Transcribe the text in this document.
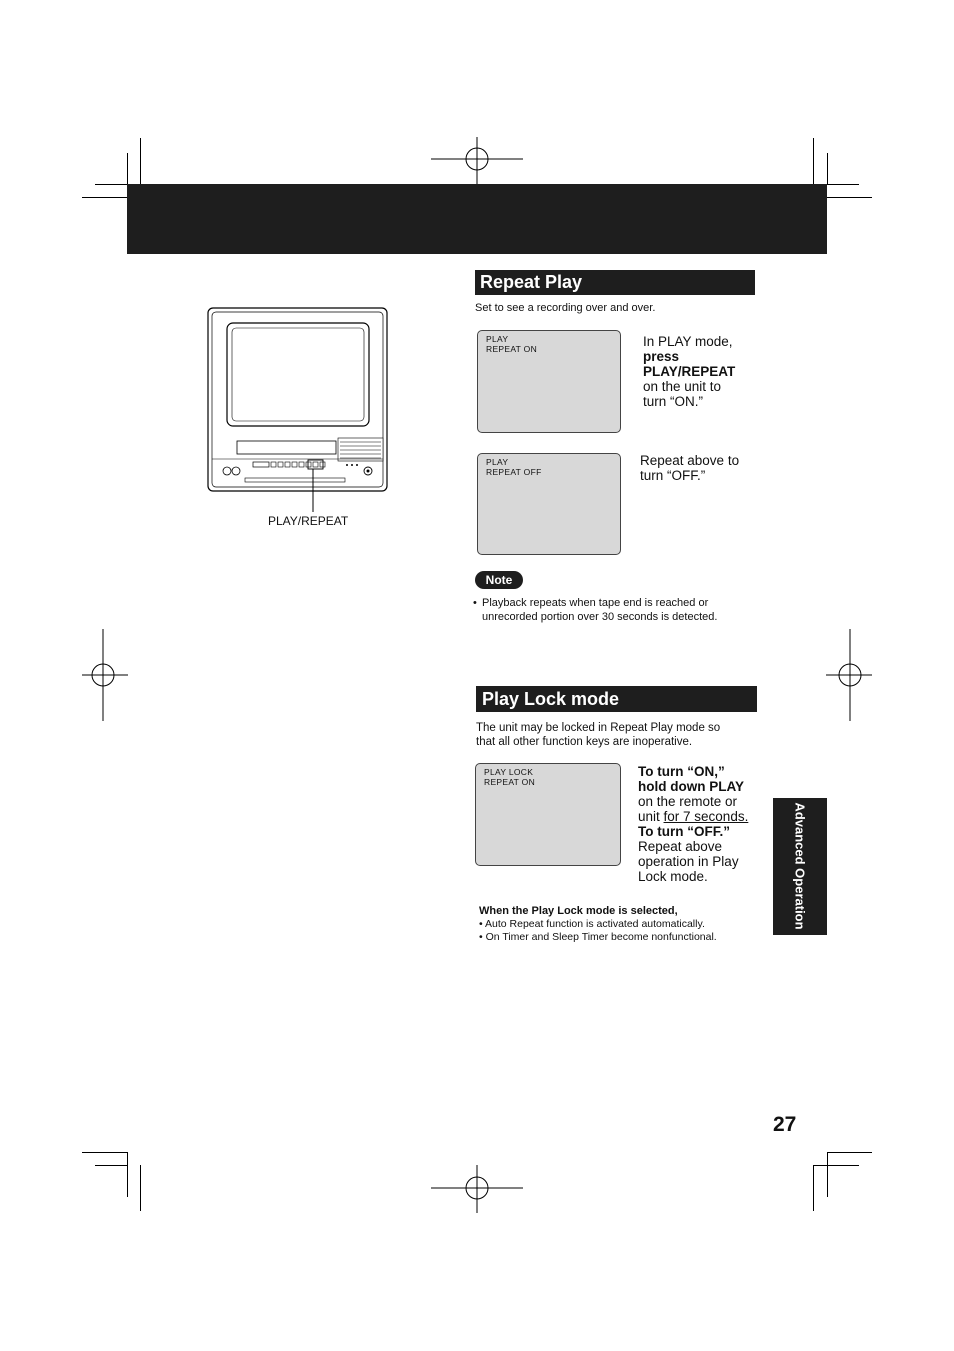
PLAY/REPEAT
Repeat Play
Set to see a recording over and over.
PLAY
REPEAT ON	In PLAY mode,
press
PLAY/REPEAT
on the unit to
turn “ON.”
PLAY
REPEAT OFF
Repeat above to
turn “OFF.”
Note
• Playback repeats when tape end is reached or
unrecorded portion over 30 seconds is detected.
Play Lock mode
The unit may be locked in Repeat Play mode so
that all other function keys are inoperative.
PLAY LOCK
REPEAT ON
To turn “ON,”
hold down PLAY
on the remote or
unit for 7 seconds.
To turn “OFF.”
Repeat above
operation in Play
Lock mode.
When the Play Lock mode is selected,
• Auto Repeat function is activated automatically.
• On Timer and Sleep Timer become nonfunctional.
Advanced Operation
27
